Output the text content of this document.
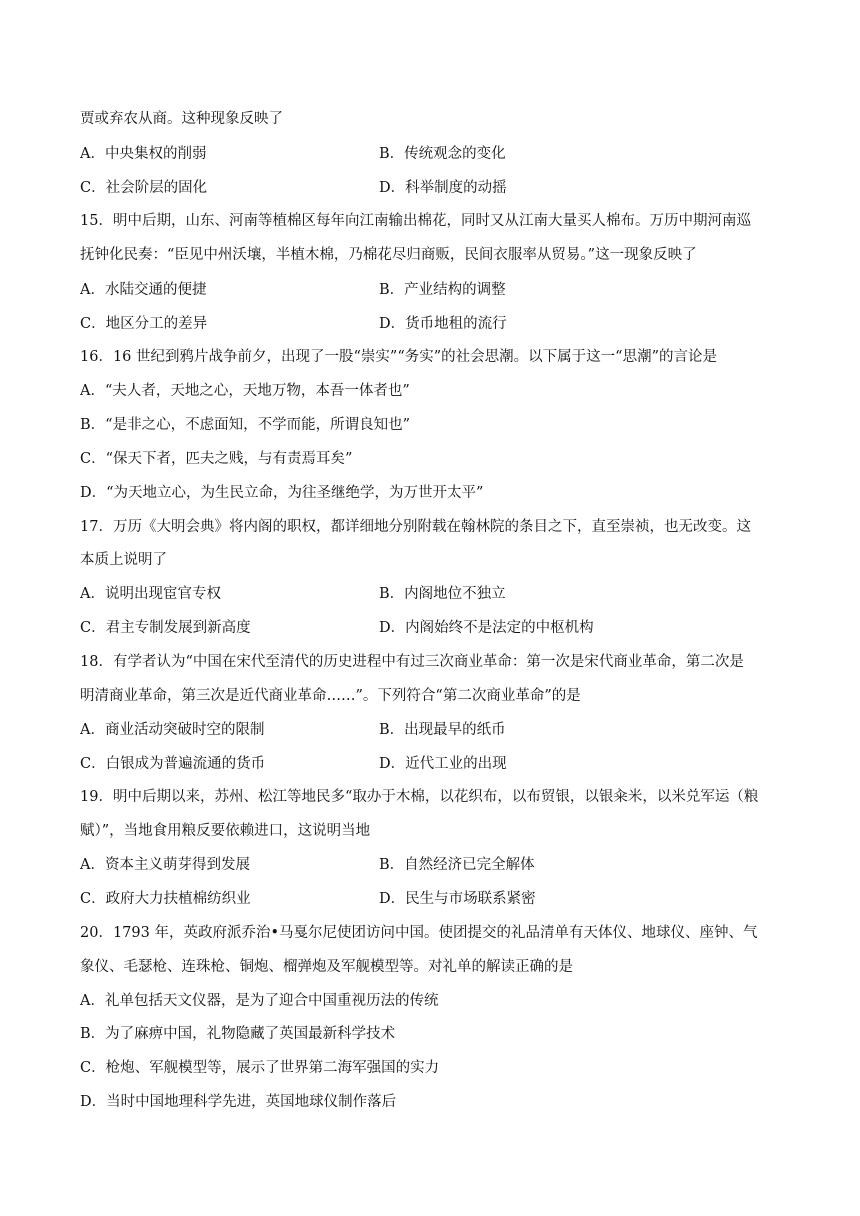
贾或弃农从商。这种现象反映了
A．中央集权的削弱	B．传统观念的变化
C．社会阶层的固化	D．科举制度的动摇
15．明中后期，山东、河南等植棉区每年向江南输出棉花，同时又从江南大量买人棉布。万历中期河南巡
抚钟化民奏：“臣见中州沃壤，半植木棉，乃棉花尽归商贩，民间衣服率从贸易。”这一现象反映了
A．水陆交通的便捷	B．产业结构的调整
C．地区分工的差异	D．货币地租的流行
16．16 世纪到鸦片战争前夕，出现了一股“崇实”“务实”的社会思潮。以下属于这一“思潮”的言论是
A．“夫人者，天地之心，天地万物，本吾一体者也”
B．“是非之心，不虑面知，不学而能，所谓良知也”
C．“保天下者，匹夫之贱，与有责焉耳矣”
D．“为天地立心，为生民立命，为往圣继绝学，为万世开太平”
17．万历《大明会典》将内阁的职权，都详细地分别附载在翰林院的条目之下，直至崇祯，也无改变。这
本质上说明了
A．说明出现宦官专权	B．内阁地位不独立
C．君主专制发展到新高度	D．内阁始终不是法定的中枢机构
18．有学者认为“中国在宋代至清代的历史进程中有过三次商业革命：第一次是宋代商业革命，第二次是
明清商业革命，第三次是近代商业革命……”。下列符合“第二次商业革命”的是
A．商业活动突破时空的限制	B．出现最早的纸币
C．白银成为普遍流通的货币	D．近代工业的出现
19．明中后期以来，苏州、松江等地民多“取办于木棉，以花织布，以布贸银，以银籴米，以米兑军运（粮
赋）”，当地食用粮反要依赖进口，这说明当地
A．资本主义萌芽得到发展	B．自然经济已完全解体
C．政府大力扶植棉纺织业	D．民生与市场联系紧密
20．1793 年，英政府派乔治•马戛尔尼使团访问中国。使团提交的礼品清单有天体仪、地球仪、座钟、气
象仪、毛瑟枪、连珠枪、铜炮、榴弹炮及军舰模型等。对礼单的解读正确的是
A．礼单包括天文仪器，是为了迎合中国重视历法的传统
B．为了麻痹中国，礼物隐藏了英国最新科学技术
C．枪炮、军舰模型等，展示了世界第二海军强国的实力
D．当时中国地理科学先进，英国地球仪制作落后
